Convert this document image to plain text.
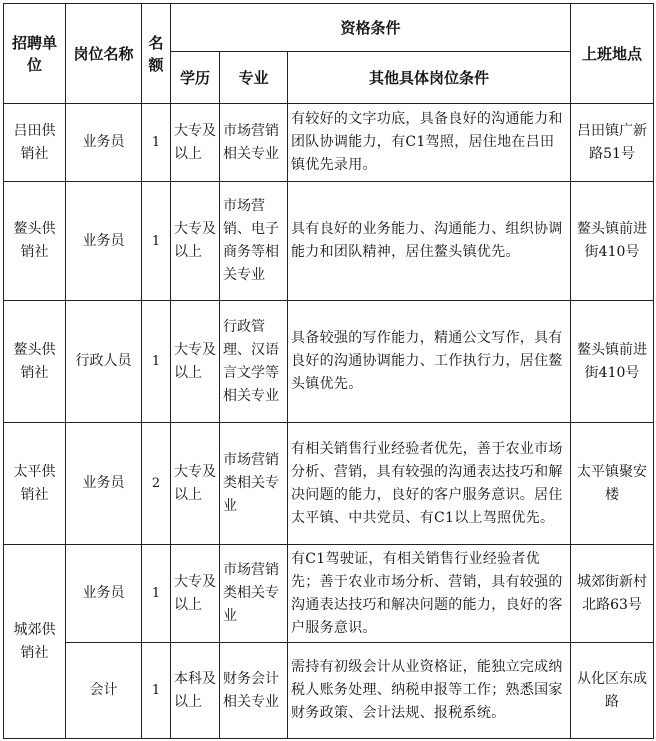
招聘单位	岗位名称	名额	资格条件			上班地点
			学历	专业	其他具体岗位条件	
吕田供销社	业务员	1	大专及以上	市场营销相关专业	有较好的文字功底，具备良好的沟通能力和团队协调能力，有C1驾照，居住地在吕田镇优先录用。	吕田镇广新路51号
鳌头供销社	业务员	1	大专及以上	市场营销、电子商务等相关专业	具有良好的业务能力、沟通能力、组织协调能力和团队精神，居住鳌头镇优先。	鳌头镇前进街410号
鳌头供销社	行政人员	1	大专及以上	行政管理、汉语言文学等相关专业	具备较强的写作能力，精通公文写作，具有良好的沟通协调能力、工作执行力，居住鳌头镇优先。	鳌头镇前进街410号
太平供销社	业务员	2	大专及以上	市场营销类相关专业	有相关销售行业经验者优先，善于农业市场分析、营销，具有较强的沟通表达技巧和解决问题的能力，良好的客户服务意识。居住太平镇、中共党员、有C1以上驾照优先。	太平镇聚安楼
城郊供销社	业务员	1	大专及以上	市场营销类相关专业	有C1驾驶证，有相关销售行业经验者优先；善于农业市场分析、营销，具有较强的沟通表达技巧和解决问题的能力，良好的客户服务意识。	城郊街新村北路63号
	会计	1	本科及以上	财务会计相关专业	需持有初级会计从业资格证，能独立完成纳税人账务处理、纳税申报等工作；熟悉国家财务政策、会计法规、报税系统。	从化区东成路
